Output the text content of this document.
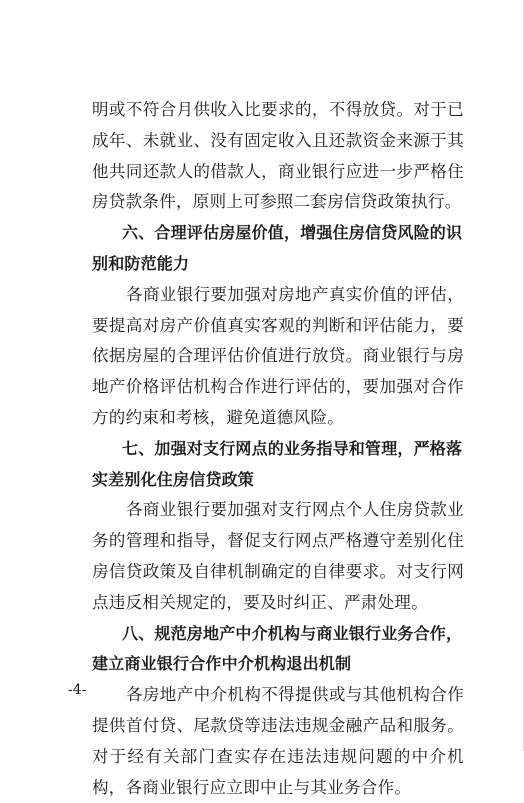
明或不符合月供收入比要求的，不得放贷。对于已成年、未就业、没有固定收入且还款资金来源于其他共同还款人的借款人，商业银行应进一步严格住房贷款条件，原则上可参照二套房信贷政策执行。

六、合理评估房屋价值，增强住房信贷风险的识别和防范能力

各商业银行要加强对房地产真实价值的评估，要提高对房产价值真实客观的判断和评估能力，要依据房屋的合理评估价值进行放贷。商业银行与房地产价格评估机构合作进行评估的，要加强对合作方的约束和考核，避免道德风险。

七、加强对支行网点的业务指导和管理，严格落实差别化住房信贷政策

各商业银行要加强对支行网点个人住房贷款业务的管理和指导，督促支行网点严格遵守差别化住房信贷政策及自律机制确定的自律要求。对支行网点违反相关规定的，要及时纠正、严肃处理。

八、规范房地产中介机构与商业银行业务合作，建立商业银行合作中介机构退出机制

各房地产中介机构不得提供或与其他机构合作提供首付贷、尾款贷等违法违规金融产品和服务。对于经有关部门查实存在违法违规问题的中介机构，各商业银行应立即中止与其业务合作。

-4-
